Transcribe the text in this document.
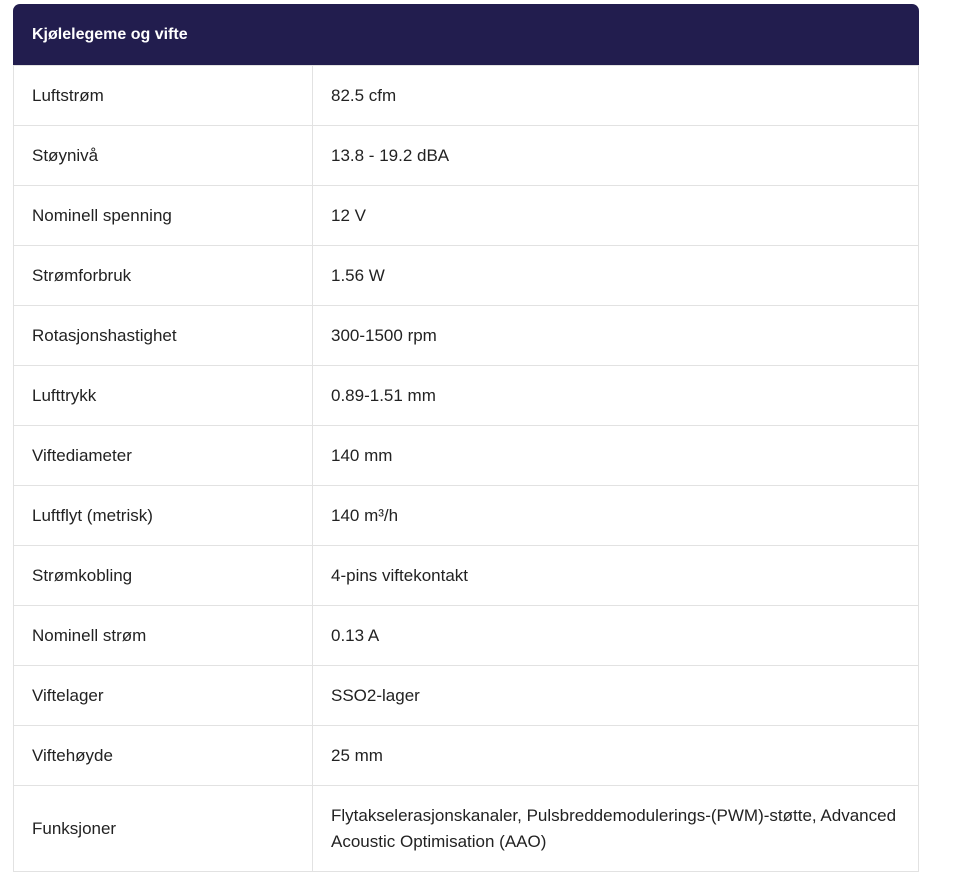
Kjølelegeme og vifte
Luftstrøm	82.5 cfm
Støynivå	13.8 - 19.2 dBA
Nominell spenning	12 V
Strømforbruk	1.56 W
Rotasjonshastighet	300-1500 rpm
Lufttrykk	0.89-1.51 mm
Viftediameter	140 mm
Luftflyt (metrisk)	140 m³/h
Strømkobling	4-pins viftekontakt
Nominell strøm	0.13 A
Viftelager	SSO2-lager
Viftehøyde	25 mm
Funksjoner	Flytakselerasjonskanaler, Pulsbreddemodulerings-(PWM)-støtte, Advanced Acoustic Optimisation (AAO)
